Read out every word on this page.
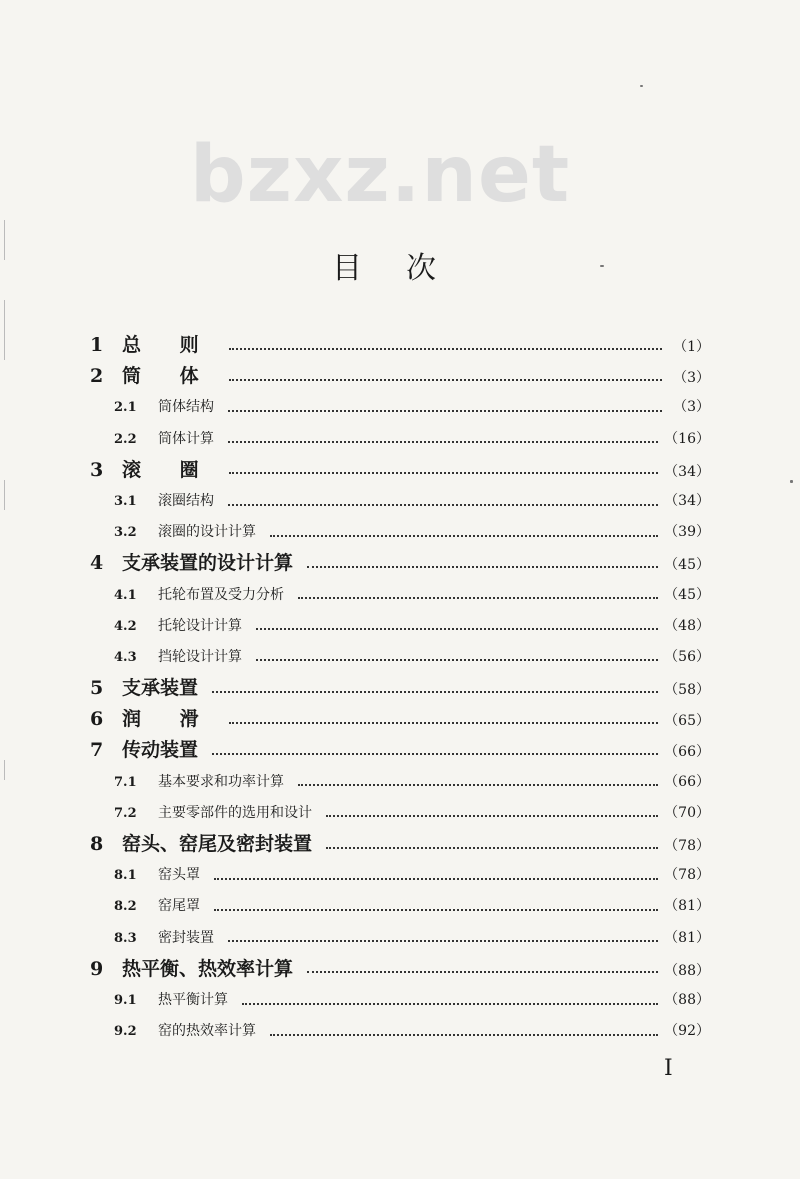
bzxz.net
目次
1 总 则	（1）
2 筒 体	（3）
2.1	筒体结构	（3）
2.2	筒体计算	（16）
3 滚 圈	（34）
3.1	滚圈结构	（34）
3.2	滚圈的设计计算	（39）
4 支承装置的设计计算	（45）
4.1	托轮布置及受力分析	（45）
4.2	托轮设计计算	（48）
4.3	挡轮设计计算	（56）
5 支承装置	（58）
6 润 滑	（65）
7 传动装置	（66）
7.1	基本要求和功率计算	（66）
7.2	主要零部件的选用和设计	（70）
8 窑头、窑尾及密封装置	（78）
8.1	窑头罩	（78）
8.2	窑尾罩	（81）
8.3	密封装置	（81）
9 热平衡、热效率计算	（88）
9.1	热平衡计算	（88）
9.2	窑的热效率计算	（92）
I
